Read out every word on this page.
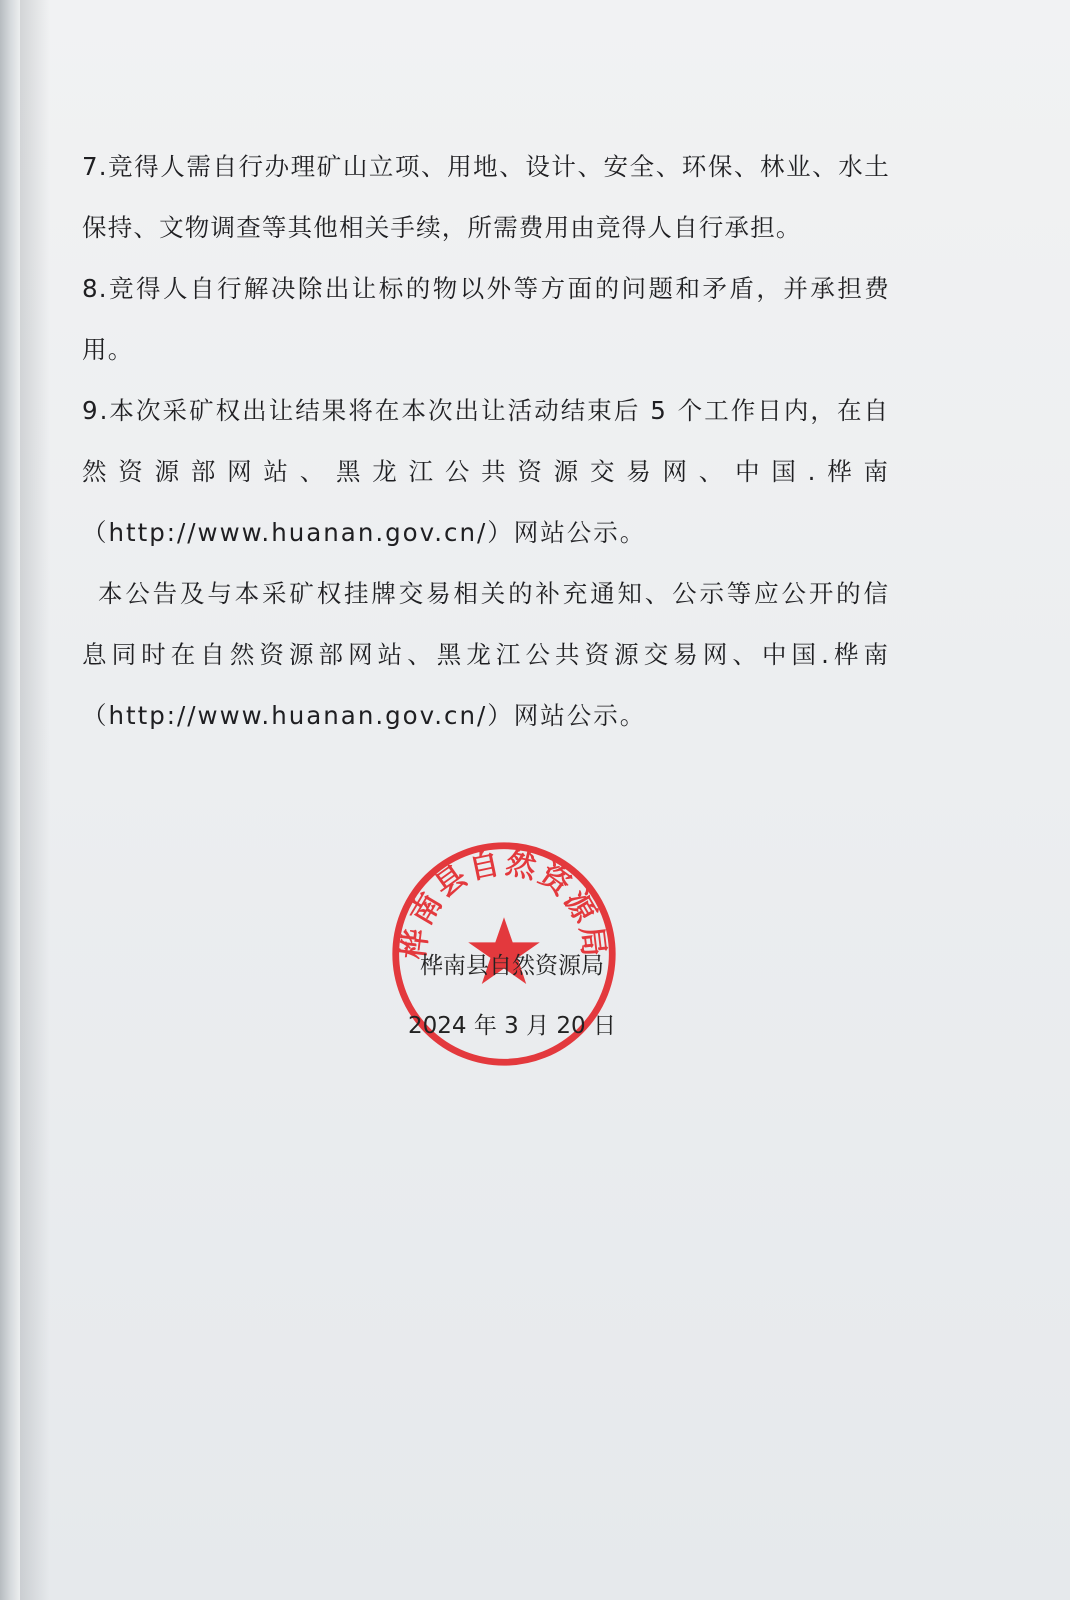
7.竞得人需自行办理矿山立项、用地、设计、安全、环保、林业、水土保持、文物调查等其他相关手续，所需费用由竞得人自行承担。

8.竞得人自行解决除出让标的物以外等方面的问题和矛盾，并承担费用。

9.本次采矿权出让结果将在本次出让活动结束后 5 个工作日内，在自然资源部网站、黑龙江公共资源交易网、中国.桦南（http://www.huanan.gov.cn/）网站公示。

本公告及与本采矿权挂牌交易相关的补充通知、公示等应公开的信息同时在自然资源部网站、黑龙江公共资源交易网、中国.桦南（http://www.huanan.gov.cn/）网站公示。

桦南县自然资源局
桦南县自然资源局
2024 年 3 月 20 日
